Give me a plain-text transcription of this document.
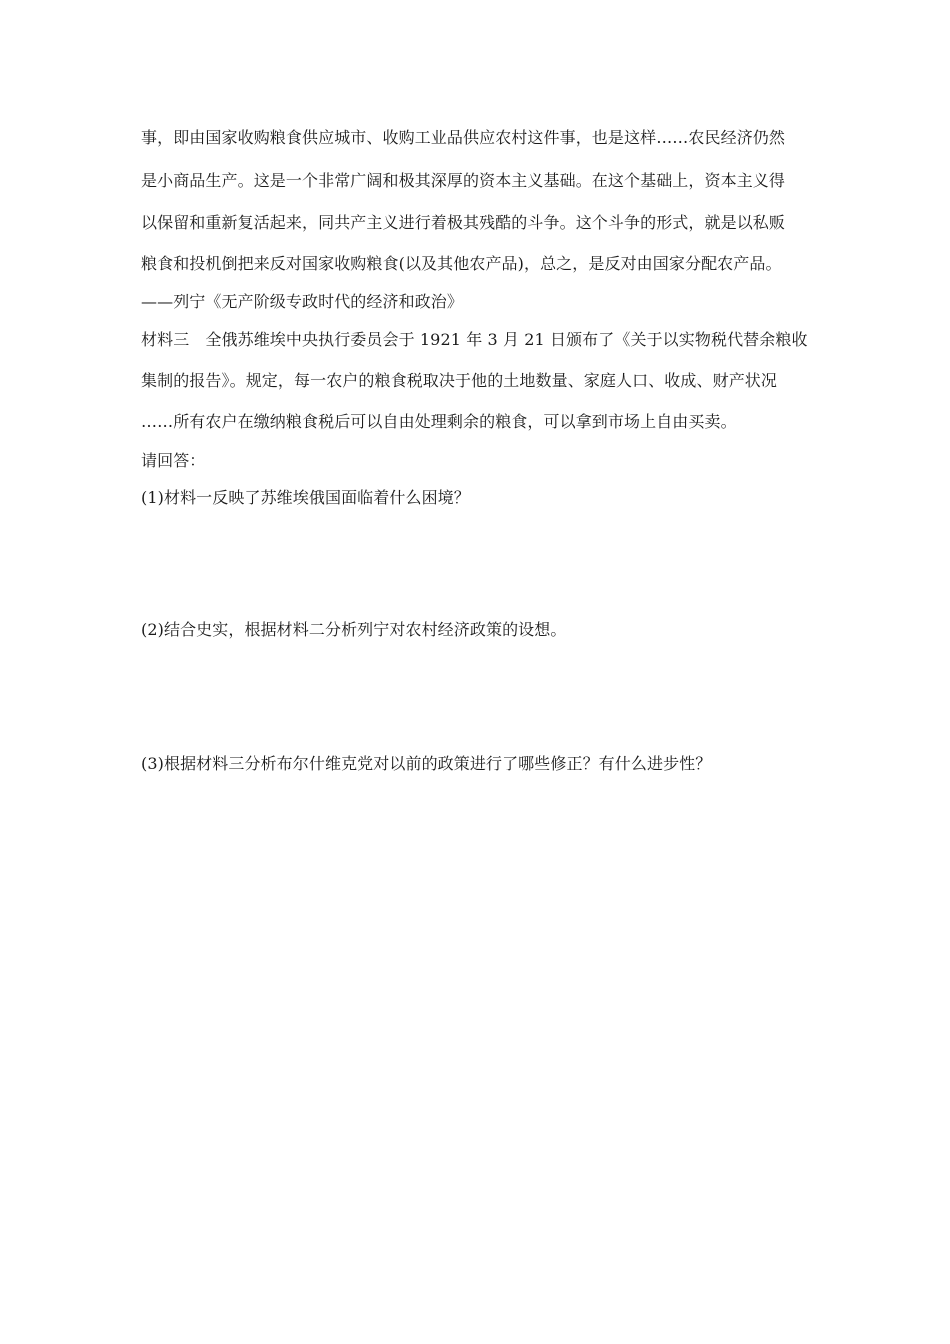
事，即由国家收购粮食供应城市、收购工业品供应农村这件事，也是这样……农民经济仍然
是小商品生产。这是一个非常广阔和极其深厚的资本主义基础。在这个基础上，资本主义得
以保留和重新复活起来，同共产主义进行着极其残酷的斗争。这个斗争的形式，就是以私贩
粮食和投机倒把来反对国家收购粮食(以及其他农产品)，总之，是反对由国家分配农产品。
——列宁《无产阶级专政时代的经济和政治》
材料三　全俄苏维埃中央执行委员会于 1921 年 3 月 21 日颁布了《关于以实物税代替余粮收
集制的报告》。规定，每一农户的粮食税取决于他的土地数量、家庭人口、收成、财产状况
……所有农户在缴纳粮食税后可以自由处理剩余的粮食，可以拿到市场上自由买卖。
请回答：
(1)材料一反映了苏维埃俄国面临着什么困境？
(2)结合史实，根据材料二分析列宁对农村经济政策的设想。
(3)根据材料三分析布尔什维克党对以前的政策进行了哪些修正？有什么进步性？
